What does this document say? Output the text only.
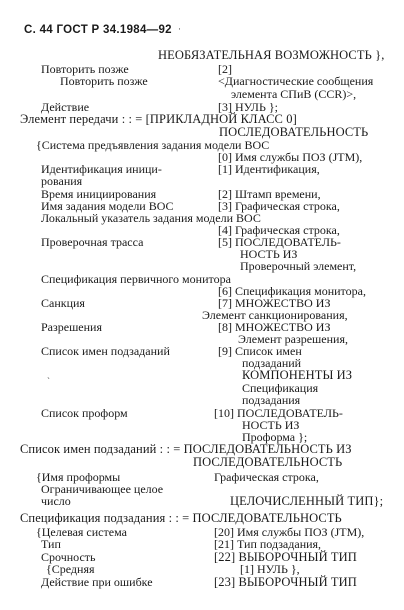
С. 44 ГОСТ Р 34.1984—92 ·
НЕОБЯЗАТЕЛЬНАЯ ВОЗМОЖНОСТЬ },
Повторить позже	[2]
Повторить позже	<Диагностические сообщения
элемента СПиВ (CCR)>,
Действие	[3] НУЛЬ };
Элемент передачи : : = [ПРИКЛАДНОЙ КЛАСС 0]
ПОСЛЕДОВАТЕЛЬНОСТЬ
{Система предъявления задания модели ВОС
[0] Имя службы ПОЗ (JTM),
Идентификация иници-	[1] Идентификация,
рования
Время инициирования	[2] Штамп времени,
Имя задания модели ВОС	[3] Графическая строка,
Локальный указатель задания модели ВОС
[4] Графическая строка,
Проверочная трасса	[5] ПОСЛЕДОВАТЕЛЬ-
НОСТЬ ИЗ
Проверочный элемент,
Спецификация первичного монитора
[6] Спецификация монитора,
Санкция	[7] МНОЖЕСТВО ИЗ
Элемент санкционирования,
Разрешения	[8] МНОЖЕСТВО ИЗ
Элемент разрешения,
Список имен подзаданий	[9] Список имен
подзаданий
КОМПОНЕНТЫ ИЗ
Спецификация
подзадания
ˎ
Список проформ	[10] ПОСЛЕДОВАТЕЛЬ-
НОСТЬ ИЗ
Проформа };
Список имен подзаданий : : = ПОСЛЕДОВАТЕЛЬНОСТЬ ИЗ
ПОСЛЕДОВАТЕЛЬНОСТЬ
{Имя проформы	Графическая строка,
Ограничивающее целое
число	ЦЕЛОЧИСЛЕННЫЙ ТИП};
Спецификация подзадания : : = ПОСЛЕДОВАТЕЛЬНОСТЬ
{Целевая система	[20] Имя службы ПОЗ (JTM),
Тип	[21] Тип подзадания,
Срочность	[22] ВЫБОРОЧНЫЙ ТИП
{Средняя	[1] НУЛЬ },
Действие при ошибке	[23] ВЫБОРОЧНЫЙ ТИП
